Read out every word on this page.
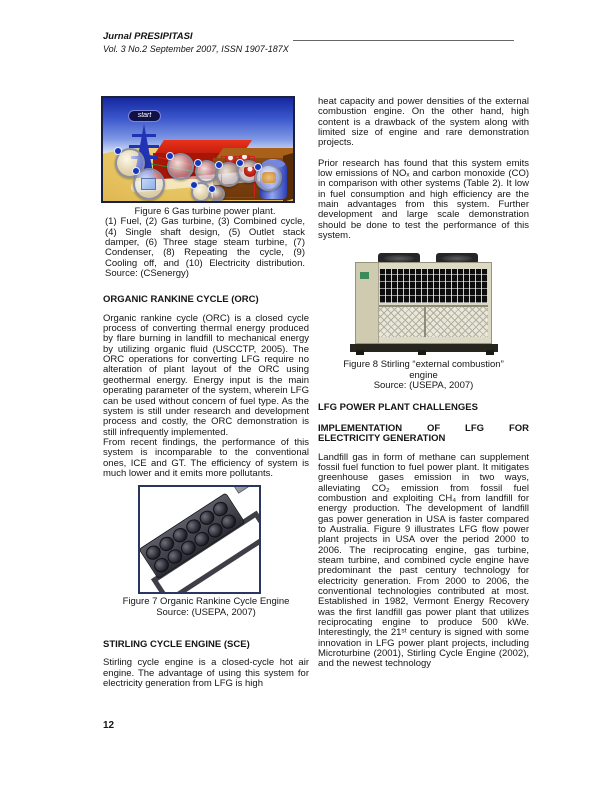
Jurnal PRESIPITASI
Vol. 3 No.2 September 2007, ISSN 1907-187X
start
Figure 6 Gas turbine power plant.
(1) Fuel, (2) Gas turbine, (3) Combined cycle, (4) Single shaft design, (5) Outlet stack damper, (6) Three stage steam turbine, (7) Condenser, (8) Repeating the cycle, (9) Cooling off, and (10) Electricity distribution. Source: (CSenergy)
ORGANIC RANKINE CYCLE (ORC)
Organic rankine cycle (ORC) is a closed cycle process of converting thermal energy produced by flare burning in landfill to mechanical energy by utilizing organic fluid (USCCTP, 2005). The ORC operations for converting LFG require no alteration of plant layout of the ORC using geothermal energy. Energy input is the main operating parameter of the system, wherein LFG can be used without concern of fuel type. As the system is still under research and development process and costly, the ORC demonstration is still infrequently implemented.
From recent findings, the performance of this system is incomparable to the conventional ones, ICE and GT. The efficiency of system is much lower and it emits more pollutants.
Figure 7 Organic Rankine Cycle Engine
Source: (USEPA, 2007)
STIRLING CYCLE ENGINE (SCE)
Stirling cycle engine is a closed-cycle hot air engine. The advantage of using this system for electricity generation from LFG is high
heat capacity and power densities of the external combustion engine. On the other hand, high content is a drawback of the system along with limited size of engine and rare demonstration projects.
Prior research has found that this system emits low emissions of NOₓ and carbon monoxide (CO) in comparison with other systems (Table 2). It low in fuel consumption and high efficiency are the main advantages from this system. Further development and large scale demonstration should be done to test the performance of this system.
Figure 8 Stirling “external combustion”
engine
Source: (USEPA, 2007)
LFG POWER PLANT CHALLENGES
IMPLEMENTATION OF LFG FOR
ELECTRICITY GENERATION
Landfill gas in form of methane can supplement fossil fuel function to fuel power plant. It mitigates greenhouse gases emission in two ways, alleviating CO₂ emission from fossil fuel combustion and exploiting CH₄ from landfill for energy production. The development of landfill gas power generation in USA is faster compared to Australia. Figure 9 illustrates LFG flow power plant projects in USA over the period 2000 to 2006. The reciprocating engine, gas turbine, steam turbine, and combined cycle engine have predominant the past century technology for electricity generation. From 2000 to 2006, the conventional technologies contributed at most. Established in 1982, Vermont Energy Recovery was the first landfill gas power plant that utilizes reciprocating engine to produce 500 kWe. Interestingly, the 21ˢᵗ century is signed with some innovation in LFG power plant projects, including Microturbine (2001), Stirling Cycle Engine (2002), and the newest technology
12
